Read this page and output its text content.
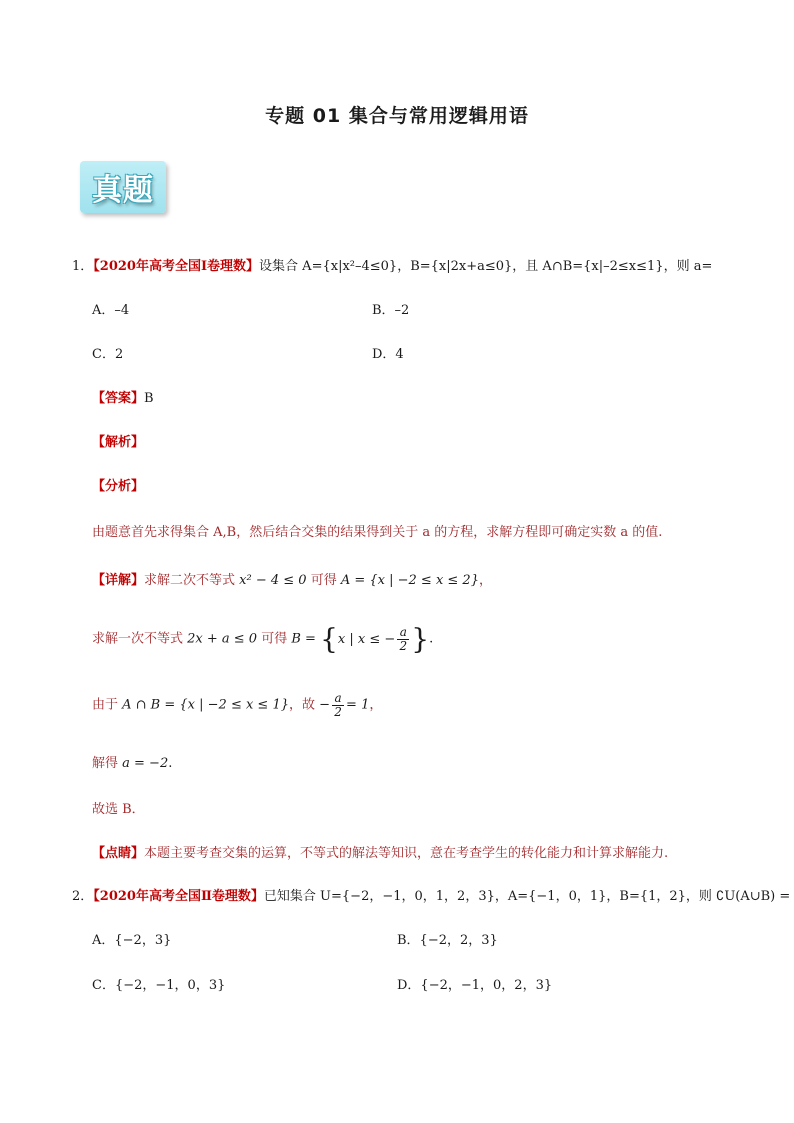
专题 01 集合与常用逻辑用语
真题
1．【2020年高考全国Ⅰ卷理数】设集合 A={x|x²–4≤0}，B={x|2x+a≤0}，且 A∩B={x|–2≤x≤1}，则 a=
A．–4	B．–2
C．2	D．4
【答案】B
【解析】
【分析】
由题意首先求得集合 A,B，然后结合交集的结果得到关于 a 的方程，求解方程即可确定实数 a 的值.
【详解】求解二次不等式 x² − 4 ≤ 0 可得 A = {x | −2 ≤ x ≤ 2}，
求解一次不等式 2x + a ≤ 0 可得 B = {x | x ≤ − $\frac{a}{2}$ }.
由于 A ∩ B = {x | −2 ≤ x ≤ 1}，故 − $\frac{a}{2} = 1$，
解得 a = −2.
故选 B．
【点睛】本题主要考查交集的运算，不等式的解法等知识，意在考查学生的转化能力和计算求解能力.
2．【2020年高考全国Ⅱ卷理数】已知集合 U={−2，−1，0，1，2，3}，A={−1，0，1}，B={1，2}，则 ∁U(A∪B) =
A．{−2，3}	B．{−2，2，3}
C．{−2，−1，0，3}	D．{−2，−1，0，2，3}
